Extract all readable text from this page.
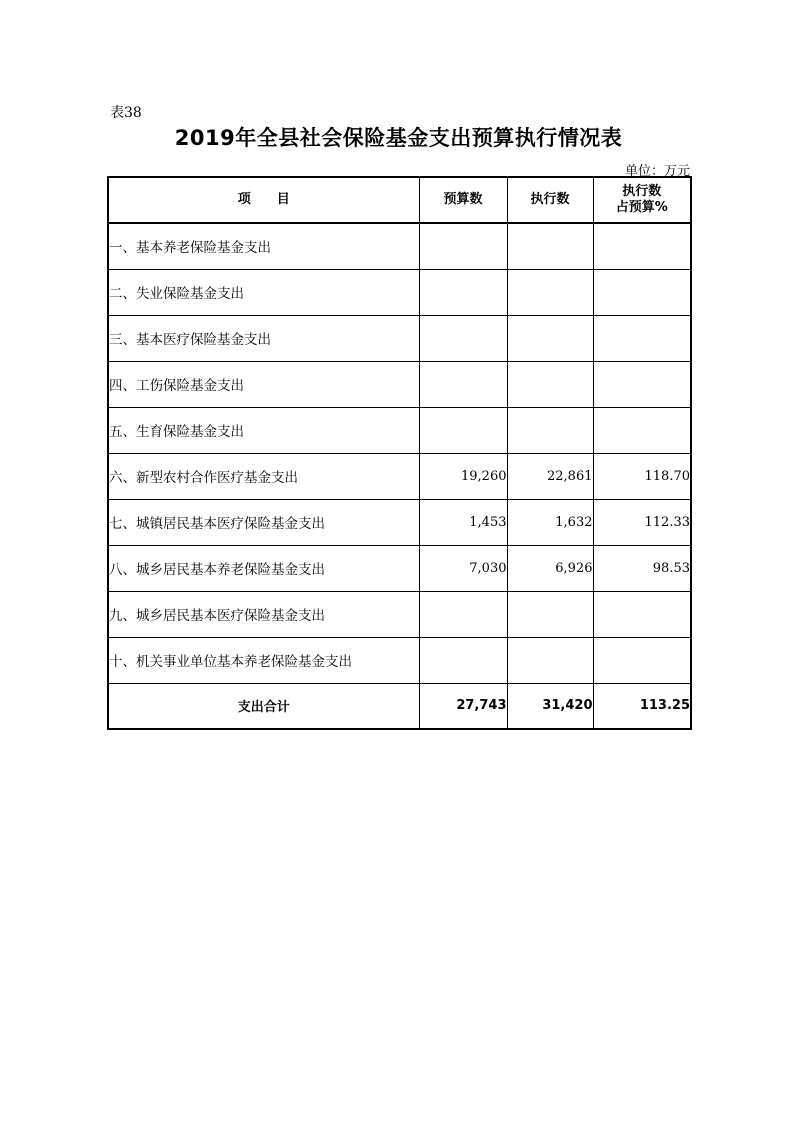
表38
2019年全县社会保险基金支出预算执行情况表
单位：万元
项　　目	预算数	执行数	执行数
占预算%

一、基本养老保险基金支出			
二、失业保险基金支出			
三、基本医疗保险基金支出			
四、工伤保险基金支出			
五、生育保险基金支出			
六、新型农村合作医疗基金支出	19,260	22,861	118.70
七、城镇居民基本医疗保险基金支出	1,453	1,632	112.33
八、城乡居民基本养老保险基金支出	7,030	6,926	98.53
九、城乡居民基本医疗保险基金支出			
十、机关事业单位基本养老保险基金支出			
支出合计	27,743	31,420	113.25
